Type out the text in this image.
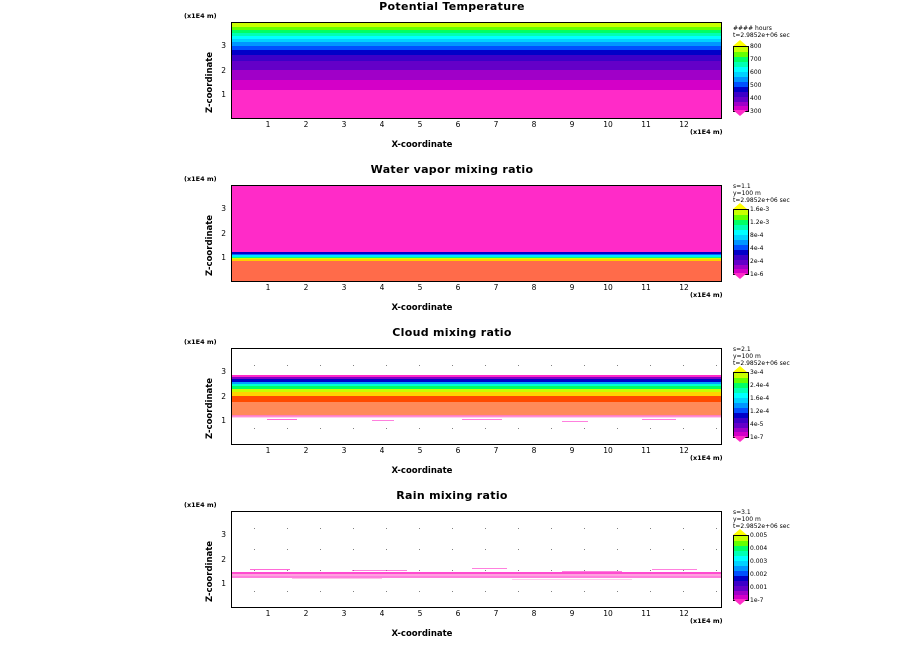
Potential Temperature
(x1E4 m)
Z-coordinate
3
2
1
1	2	3	4	5	6	7	8	9	10	11	12
(x1E4 m)
X-coordinate
#### hours
t=2.9852e+06 sec
800
700
600
500
400
300
Water vapor mixing ratio
(x1E4 m)
Z-coordinate
3
2
1
1	2	3	4	5	6	7	8	9	10	11	12
(x1E4 m)
X-coordinate
s=1.1
y=100 m
t=2.9852e+06 sec
1.6e-3
1.2e-3
8e-4
4e-4
2e-4
1e-6
Cloud mixing ratio
(x1E4 m)
Z-coordinate
3
2
1
1	2	3	4	5	6	7	8	9	10	11	12
(x1E4 m)
X-coordinate
s=2.1
y=100 m
t=2.9852e+06 sec
3e-4
2.4e-4
1.6e-4
1.2e-4
4e-5
1e-7
Rain mixing ratio
(x1E4 m)
Z-coordinate
3
2
1
1	2	3	4	5	6	7	8	9	10	11	12
(x1E4 m)
X-coordinate
s=3.1
y=100 m
t=2.9852e+06 sec
0.005
0.004
0.003
0.002
0.001
1e-7
